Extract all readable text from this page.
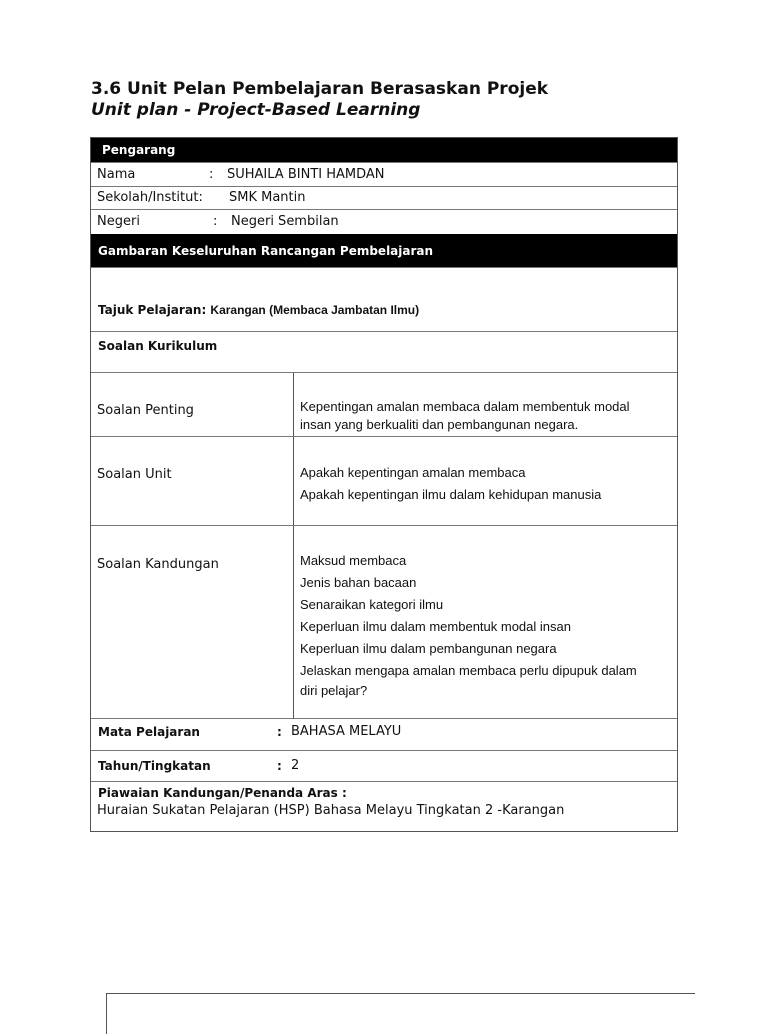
3.6 Unit Pelan Pembelajaran Berasaskan Projek
Unit plan - Project-Based Learning
Pengarang
Nama	: SUHAILA BINTI HAMDAN
Sekolah/Institut: SMK Mantin
Negeri	: Negeri Sembilan
Gambaran Keseluruhan Rancangan Pembelajaran
Tajuk Pelajaran: Karangan (Membaca Jambatan Ilmu)
Soalan Kurikulum
Soalan Penting	Kepentingan amalan membaca dalam membentuk modal
insan yang berkualiti dan pembangunan negara.
Soalan Unit	Apakah kepentingan amalan membaca
Apakah kepentingan ilmu dalam kehidupan manusia
Soalan Kandungan	Maksud membaca
Jenis bahan bacaan
Senaraikan kategori ilmu
Keperluan ilmu dalam membentuk modal insan
Keperluan ilmu dalam pembangunan negara
Jelaskan mengapa amalan membaca perlu dipupuk dalam
diri pelajar?
Mata Pelajaran	: BAHASA MELAYU
Tahun/Tingkatan	: 2
Piawaian Kandungan/Penanda Aras :
Huraian Sukatan Pelajaran (HSP) Bahasa Melayu Tingkatan 2 -Karangan
